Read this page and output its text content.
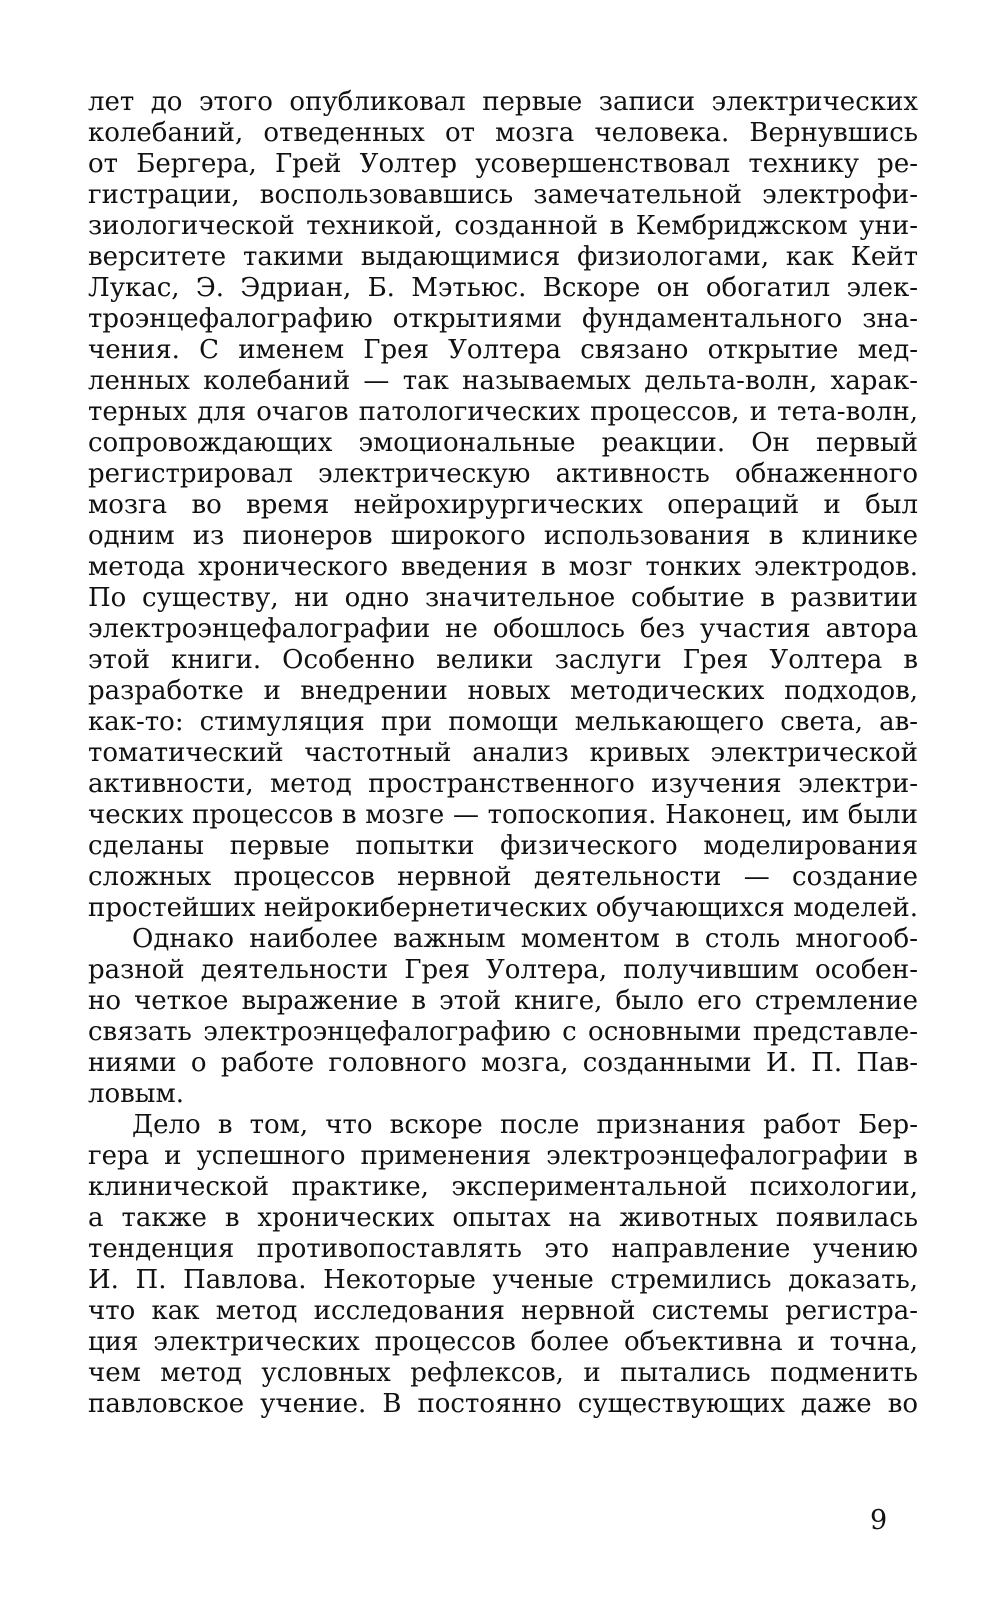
лет до этого опубликовал первые записи электрических
колебаний, отведенных от мозга человека. Вернувшись
от Бергера, Грей Уолтер усовершенствовал технику ре-
гистрации, воспользовавшись замечательной электрофи-
зиологической техникой, созданной в Кембриджском уни-
верситете такими выдающимися физиологами, как Кейт
Лукас, Э. Эдриан, Б. Мэтьюс. Вскоре он обогатил элек-
троэнцефалографию открытиями фундаментального зна-
чения. С именем Грея Уолтера связано открытие мед-
ленных колебаний — так называемых дельта-волн, харак-
терных для очагов патологических процессов, и тета-волн,
сопровождающих эмоциональные реакции. Он первый
регистрировал электрическую активность обнаженного
мозга во время нейрохирургических операций и был
одним из пионеров широкого использования в клинике
метода хронического введения в мозг тонких электродов.
По существу, ни одно значительное событие в развитии
электроэнцефалографии не обошлось без участия автора
этой книги. Особенно велики заслуги Грея Уолтера в
разработке и внедрении новых методических подходов,
как-то: стимуляция при помощи мелькающего света, ав-
томатический частотный анализ кривых электрической
активности, метод пространственного изучения электри-
ческих процессов в мозге — топоскопия. Наконец, им были
сделаны первые попытки физического моделирования
сложных процессов нервной деятельности — создание
простейших нейрокибернетических обучающихся моделей.
Однако наиболее важным моментом в столь многооб-
разной деятельности Грея Уолтера, получившим особен-
но четкое выражение в этой книге, было его стремление
связать электроэнцефалографию с основными представле-
ниями о работе головного мозга, созданными И. П. Пав-
ловым.
Дело в том, что вскоре после признания работ Бер-
гера и успешного применения электроэнцефалографии в
клинической практике, экспериментальной психологии,
а также в хронических опытах на животных появилась
тенденция противопоставлять это направление учению
И. П. Павлова. Некоторые ученые стремились доказать,
что как метод исследования нервной системы регистра-
ция электрических процессов более объективна и точна,
чем метод условных рефлексов, и пытались подменить
павловское учение. В постоянно существующих даже во
9
